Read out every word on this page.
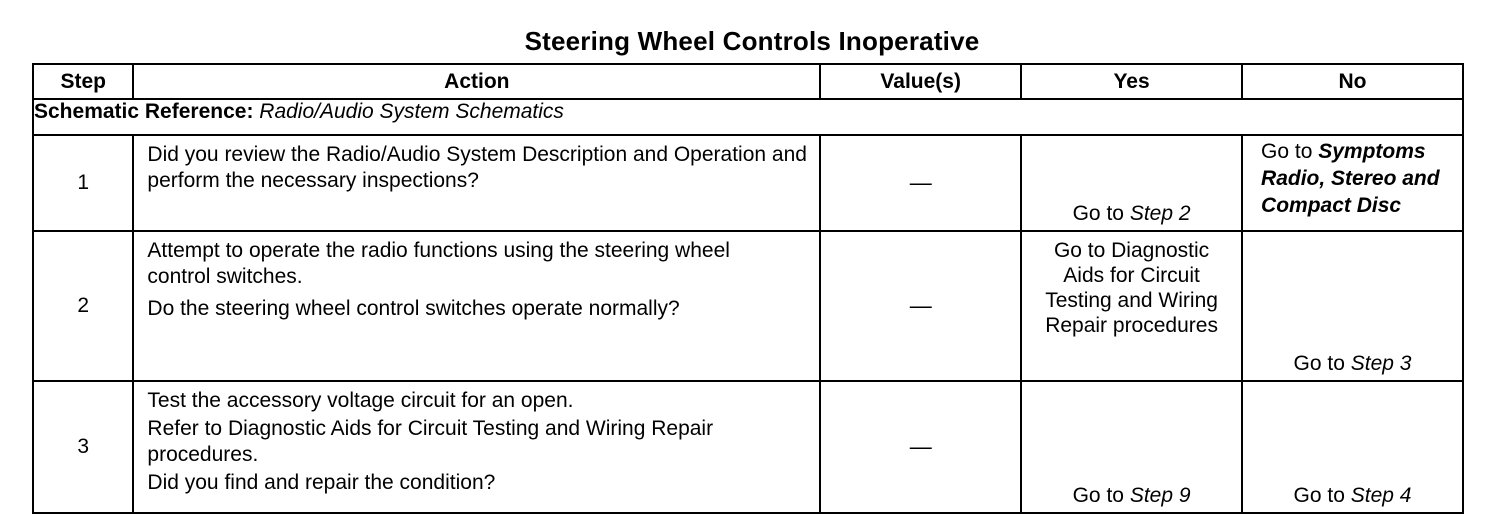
Steering Wheel Controls Inoperative
Step	Action	Value(s)	Yes	No
Schematic Reference: Radio/Audio System Schematics				
1	Did you review the Radio/Audio System Description and Operation and perform the necessary inspections?	—	Go to Step 2	Go to Symptoms
Radio, Stereo and
Compact Disc

2	Attempt to operate the radio functions using the steering wheel control switches.

Do the steering wheel control switches operate normally?	—	Go to Diagnostic Aids for Circuit Testing and Wiring Repair procedures	Go to Step 3

3	Test the accessory voltage circuit for an open.

Refer to Diagnostic Aids for Circuit Testing and Wiring Repair procedures.

Did you find and repair the condition?	—	Go to Step 9	Go to Step 4
